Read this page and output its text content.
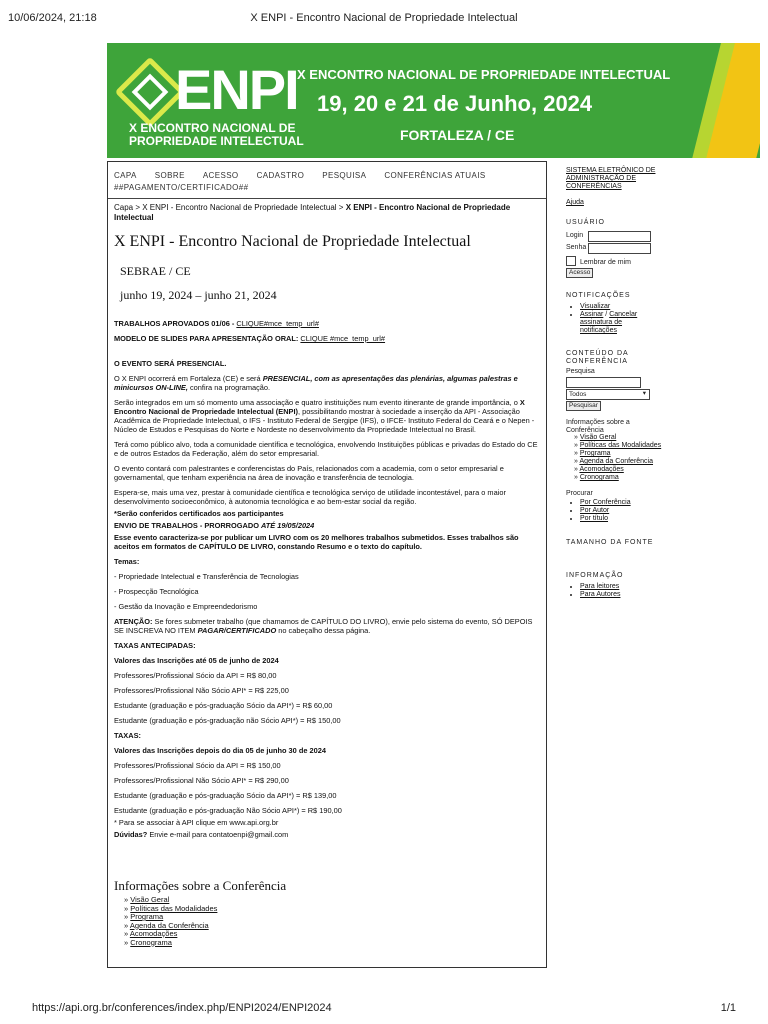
10/06/2024, 21:18	X ENPI - Encontro Nacional de Propriedade Intelectual
https://api.org.br/conferences/index.php/ENPI2024/ENPI2024	1/1
ENPI
X ENCONTRO NACIONAL DE
PROPRIEDADE INTELECTUAL
X ENCONTRO NACIONAL DE PROPRIEDADE INTELECTUAL
19, 20 e 21 de Junho, 2024
FORTALEZA / CE
CAPA SOBRE ACESSO CADASTRO PESQUISA CONFERÊNCIAS ATUAIS
##PAGAMENTO/CERTIFICADO##
Capa > X ENPI - Encontro Nacional de Propriedade Intelectual > X ENPI - Encontro Nacional de Propriedade Intelectual
X ENPI - Encontro Nacional de Propriedade Intelectual
SEBRAE / CE
junho 19, 2024 – junho 21, 2024

TRABALHOS APROVADOS 01/06 - CLIQUE#mce_temp_url#

MODELO DE SLIDES PARA APRESENTAÇÃO ORAL: CLIQUE #mce_temp_url#

O EVENTO SERÁ PRESENCIAL.

O X ENPI ocorrerá em Fortaleza (CE) e será PRESENCIAL, com as apresentações das plenárias, algumas palestras e minicursos ON-LINE, confira na programação.

Serão integrados em um só momento uma associação e quatro instituições num evento itinerante de grande importância, o X Encontro Nacional de Propriedade Intelectual (ENPI), possibilitando mostrar à sociedade a inserção da API - Associação Acadêmica de Propriedade Intelectual, o IFS - Instituto Federal de Sergipe (IFS), o IFCE- Instituto Federal do Ceará e o Nepen - Núcleo de Estudos e Pesquisas do Norte e Nordeste no desenvolvimento da Propriedade Intelectual no Brasil.

Terá como público alvo, toda a comunidade científica e tecnológica, envolvendo Instituições públicas e privadas do Estado do CE e de outros Estados da Federação, além do setor empresarial.

O evento contará com palestrantes e conferencistas do País, relacionados com a academia, com o setor empresarial e governamental, que tenham experiência na área de inovação e transferência de tecnologia.

Espera-se, mais uma vez, prestar à comunidade científica e tecnológica serviço de utilidade incontestável, para o maior desenvolvimento socioeconômico, à autonomia tecnológica e ao bem-estar social da região.

*Serão conferidos certificados aos participantes

ENVIO DE TRABALHOS - PRORROGADO ATÉ 19/05/2024

Esse evento caracteriza-se por publicar um LIVRO com os 20 melhores trabalhos submetidos. Esses trabalhos são aceitos em formatos de CAPÍTULO DE LIVRO, constando Resumo e o texto do capítulo.

Temas:

- Propriedade Intelectual e Transferência de Tecnologias

- Prospecção Tecnológica

- Gestão da Inovação e Empreendedorismo

ATENÇÃO: Se fores submeter trabalho (que chamamos de CAPÍTULO DO LIVRO), envie pelo sistema do evento, SÓ DEPOIS SE INSCREVA NO ITEM PAGAR/CERTIFICADO no cabeçalho dessa página.

TAXAS ANTECIPADAS:

Valores das Inscrições até 05 de junho de 2024

Professores/Profissional Sócio da API = R$ 80,00

Professores/Profissional Não Sócio API* = R$ 225,00

Estudante (graduação e pós-graduação Sócio da API*) = R$ 60,00

Estudante (graduação e pós-graduação não Sócio API*) = R$ 150,00

TAXAS:

Valores das Inscrições depois do dia 05 de junho 30 de 2024

Professores/Profissional Sócio da API = R$ 150,00

Professores/Profissional Não Sócio API* = R$ 290,00

Estudante (graduação e pós-graduação Sócio da API*) = R$ 139,00

Estudante (graduação e pós-graduação Não Sócio API*) = R$ 190,00

* Para se associar à API clique em www.api.org.br

Dúvidas? Envie e-mail para contatoenpi@gmail.com

Informações sobre a Conferência
» Visão Geral
» Políticas das Modalidades
» Programa
» Agenda da Conferência
» Acomodações
» Cronograma
SISTEMA ELETRÔNICO DE ADMINISTRAÇÃO DE CONFERÊNCIAS
Ajuda
USUÁRIO
Login
Senha
Lembrar de mim
Acesso
NOTIFICAÇÕES
• Visualizar
• Assinar / Cancelar assinatura de notificações
CONTEÚDO DA CONFERÊNCIA
Pesquisa
Todos	▾
Pesquisar
Informações sobre a Conferência
» Visão Geral
» Políticas das Modalidades
» Programa
» Agenda da Conferência
» Acomodações
» Cronograma
Procurar
• Por Conferência
• Por Autor
• Por título
TAMANHO DA FONTE
INFORMAÇÃO
• Para leitores
• Para Autores
